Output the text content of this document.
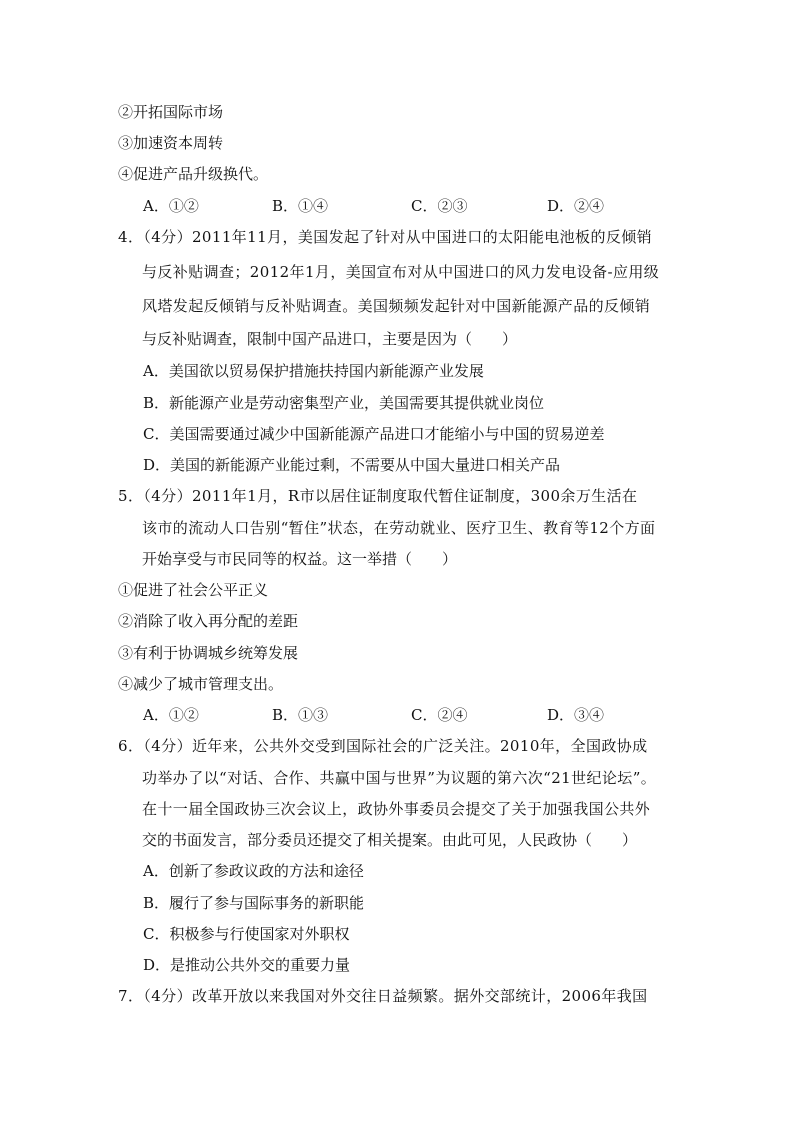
②开拓国际市场
③加速资本周转
④促进产品升级换代。
A．①②	B．①④	C．②③	D．②④
4．（4分）2011年11月，美国发起了针对从中国进口的太阳能电池板的反倾销
与反补贴调查；2012年1月，美国宣布对从中国进口的风力发电设备-应用级
风塔发起反倾销与反补贴调查。美国频频发起针对中国新能源产品的反倾销
与反补贴调查，限制中国产品进口，主要是因为（　　）
A．美国欲以贸易保护措施扶持国内新能源产业发展
B．新能源产业是劳动密集型产业，美国需要其提供就业岗位
C．美国需要通过减少中国新能源产品进口才能缩小与中国的贸易逆差
D．美国的新能源产业能过剩，不需要从中国大量进口相关产品
5．（4分）2011年1月，R市以居住证制度取代暂住证制度，300余万生活在
该市的流动人口告别“暂住”状态，在劳动就业、医疗卫生、教育等12个方面
开始享受与市民同等的权益。这一举措（　　）
①促进了社会公平正义
②消除了收入再分配的差距
③有利于协调城乡统筹发展
④减少了城市管理支出。
A．①②	B．①③	C．②④	D．③④
6．（4分）近年来，公共外交受到国际社会的广泛关注。2010年，全国政协成
功举办了以“对话、合作、共赢中国与世界”为议题的第六次“21世纪论坛”。
在十一届全国政协三次会议上，政协外事委员会提交了关于加强我国公共外
交的书面发言，部分委员还提交了相关提案。由此可见，人民政协（　　）
A．创新了参政议政的方法和途径
B．履行了参与国际事务的新职能
C．积极参与行使国家对外职权
D．是推动公共外交的重要力量
7．（4分）改革开放以来我国对外交往日益频繁。据外交部统计，2006年我国
